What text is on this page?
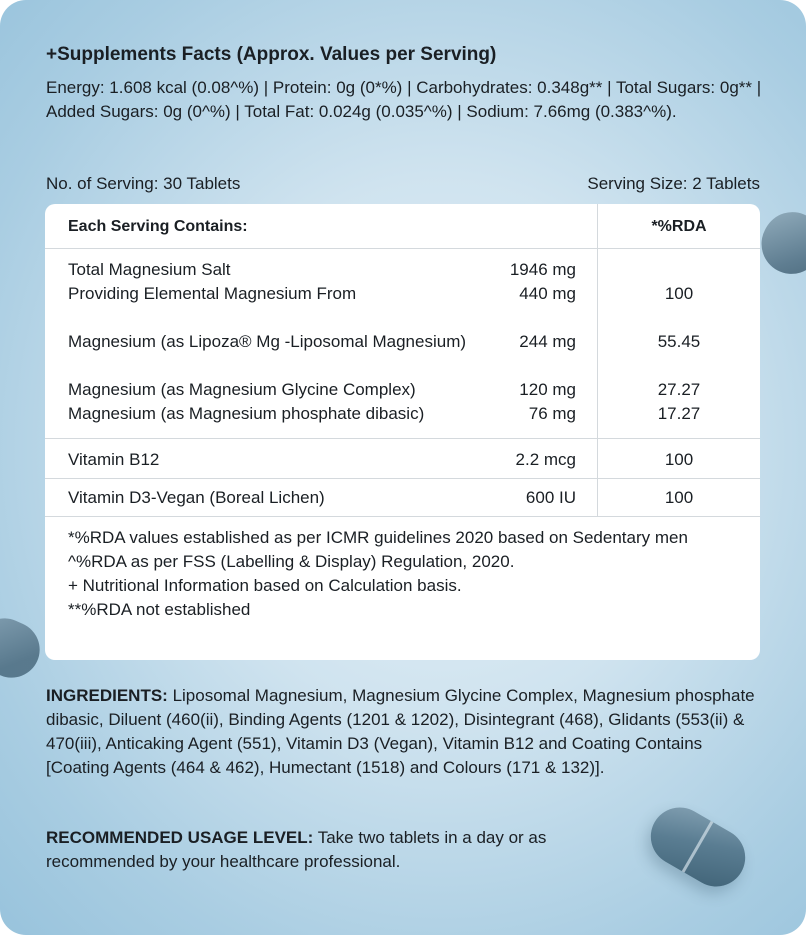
+Supplements Facts (Approx. Values per Serving)

Energy: 1.608 kcal (0.08^%) | Protein: 0g (0*%) | Carbohydrates: 0.348g** | Total Sugars: 0g** | Added Sugars: 0g (0^%) | Total Fat: 0.024g (0.035^%) | Sodium: 7.66mg (0.383^%).

No. of Serving: 30 Tablets	Serving Size: 2 Tablets
Each Serving Contains:	*%RDA
Total Magnesium Salt	1946 mg
Providing Elemental Magnesium From	440 mg	100
Magnesium (as Lipoza® Mg -Liposomal Magnesium)	244 mg	55.45
Magnesium (as Magnesium Glycine Complex)	120 mg	27.27
Magnesium (as Magnesium phosphate dibasic)	76 mg	17.27
Vitamin B12	2.2 mcg	100
Vitamin D3-Vegan (Boreal Lichen)	600 IU	100
*%RDA values established as per ICMR guidelines 2020 based on Sedentary men
^%RDA as per FSS (Labelling & Display) Regulation, 2020.
+ Nutritional Information based on Calculation basis.
**%RDA not established

INGREDIENTS: Liposomal Magnesium, Magnesium Glycine Complex, Magnesium phosphate dibasic, Diluent (460(ii), Binding Agents (1201 & 1202), Disintegrant (468), Glidants (553(ii) & 470(iii), Anticaking Agent (551), Vitamin D3 (Vegan), Vitamin B12 and Coating Contains [Coating Agents (464 & 462), Humectant (1518) and Colours (171 & 132)].

RECOMMENDED USAGE LEVEL: Take two tablets in a day or as recommended by your healthcare professional.
